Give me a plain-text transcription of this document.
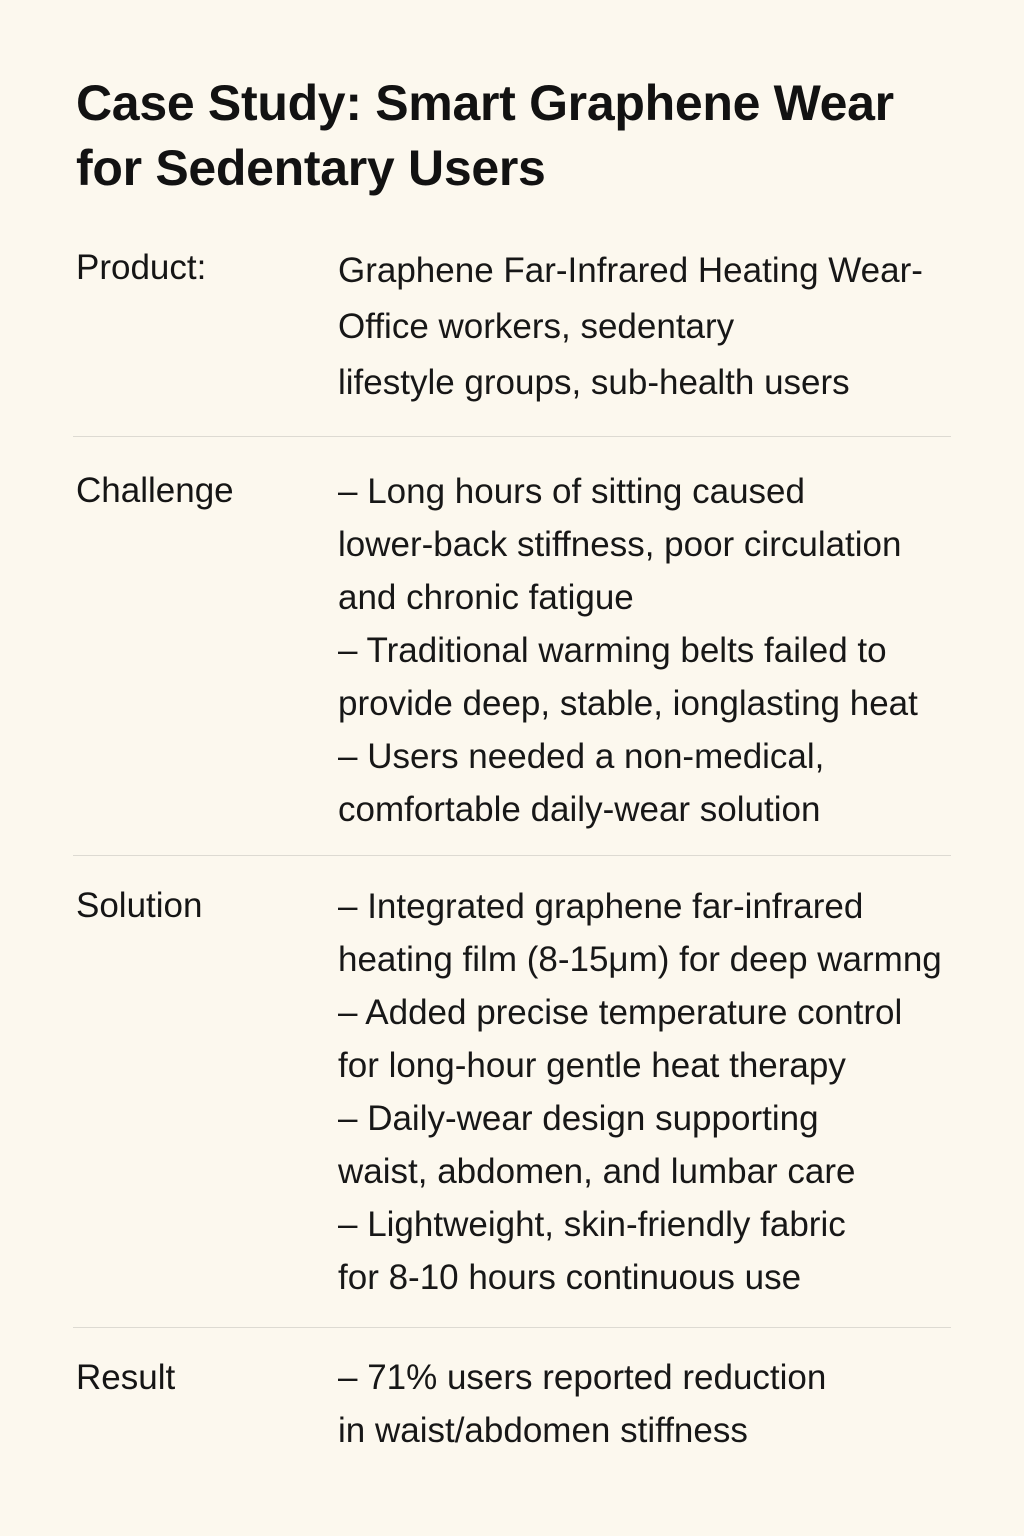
Case Study: Smart Graphene Wear
for Sedentary Users
Product:	Graphene Far-Infrared Heating Wear-
Office workers, sedentary
lifestyle groups, sub-health users
Challenge	– Long hours of sitting caused
lower-back stiffness, poor circulation
and chronic fatigue
– Traditional warming belts failed to
provide deep, stable, ionglasting heat
– Users needed a non-medical,
comfortable daily-wear solution
Solution	– Integrated graphene far-infrared
heating film (8-15μm) for deep warmng
– Added precise temperature control
for long-hour gentle heat therapy
– Daily-wear design supporting
waist, abdomen, and lumbar care
– Lightweight, skin-friendly fabric
for 8-10 hours continuous use
Result	– 71% users reported reduction
in waist/abdomen stiffness
